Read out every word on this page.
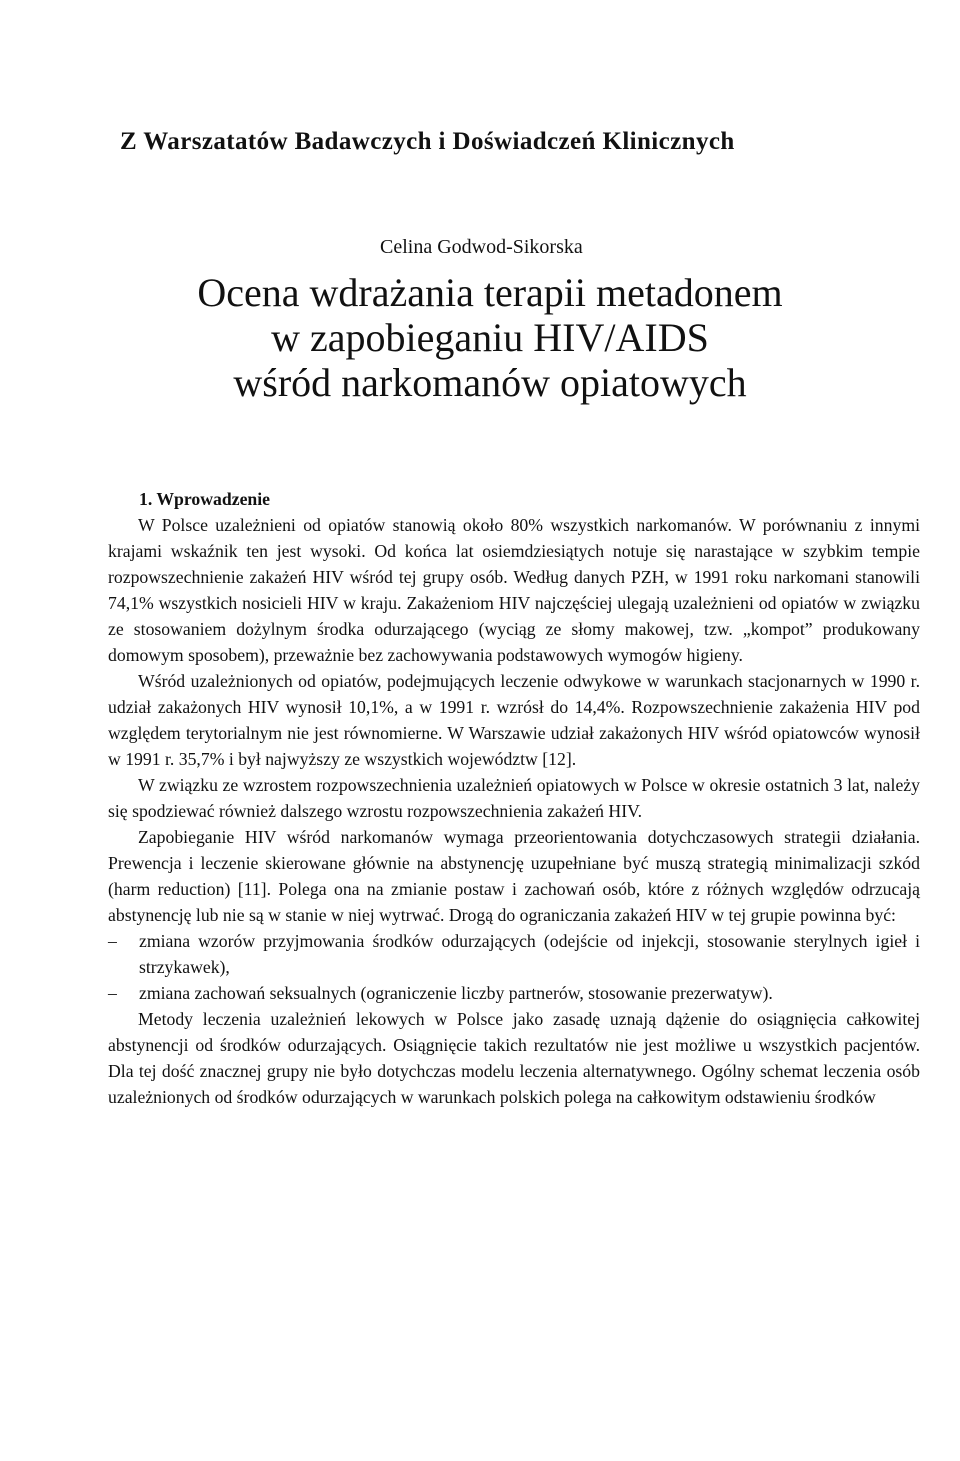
Z Warszatatów Badawczych i Doświadczeń Klinicznych
Celina Godwod-Sikorska
Ocena wdrażania terapii metadonem
w zapobieganiu HIV/AIDS
wśród narkomanów opiatowych
1. Wprowadzenie

W Polsce uzależnieni od opiatów stanowią około 80% wszystkich narkomanów. W porównaniu z innymi krajami wskaźnik ten jest wysoki. Od końca lat osiemdziesiątych notuje się narastające w szybkim tempie rozpowszechnienie zakażeń HIV wśród tej grupy osób. Według danych PZH, w 1991 roku narkomani stanowili 74,1% wszystkich nosicieli HIV w kraju. Zakażeniom HIV najczęściej ulegają uzależnieni od opiatów w związku ze stosowaniem dożylnym środka odurzającego (wyciąg ze słomy makowej, tzw. „kompot” produkowany domowym sposobem), przeważnie bez zachowywania podstawowych wymogów higieny.

Wśród uzależnionych od opiatów, podejmujących leczenie odwykowe w warunkach stacjonarnych w 1990 r. udział zakażonych HIV wynosił 10,1%, a w 1991 r. wzrósł do 14,4%. Rozpowszechnienie zakażenia HIV pod względem terytorialnym nie jest równomierne. W Warszawie udział zakażonych HIV wśród opiatowców wynosił w 1991 r. 35,7% i był najwyższy ze wszystkich województw [12].

W związku ze wzrostem rozpowszechnienia uzależnień opiatowych w Polsce w okresie ostatnich 3 lat, należy się spodziewać również dalszego wzrostu rozpowszechnienia zakażeń HIV.

Zapobieganie HIV wśród narkomanów wymaga przeorientowania dotychczasowych strategii działania. Prewencja i leczenie skierowane głównie na abstynencję uzupełniane być muszą strategią minimalizacji szkód (harm reduction) [11]. Polega ona na zmianie postaw i zachowań osób, które z różnych względów odrzucają abstynencję lub nie są w stanie w niej wytrwać. Drogą do ograniczania zakażeń HIV w tej grupie powinna być:

– zmiana wzorów przyjmowania środków odurzających (odejście od injekcji, stosowanie sterylnych igieł i strzykawek),
– zmiana zachowań seksualnych (ograniczenie liczby partnerów, stosowanie prezerwatyw).

Metody leczenia uzależnień lekowych w Polsce jako zasadę uznają dążenie do osiągnięcia całkowitej abstynencji od środków odurzających. Osiągnięcie takich rezultatów nie jest możliwe u wszystkich pacjentów. Dla tej dość znacznej grupy nie było dotychczas modelu leczenia alternatywnego. Ogólny schemat leczenia osób uzależnionych od środków odurzających w warunkach polskich polega na całkowitym odstawieniu środków
